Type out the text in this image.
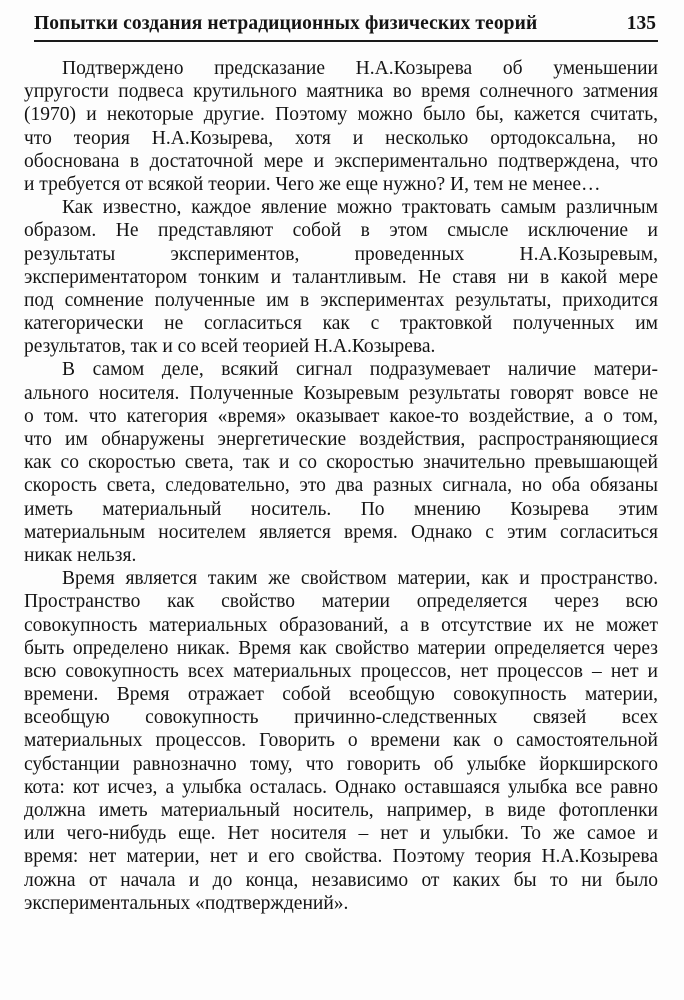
Попытки создания нетрадиционных физических теорий	135
Подтверждено предсказание Н.А.Козырева об уменьшении
упругости подвеса крутильного маятника во время солнечного затмения
(1970) и некоторые другие. Поэтому можно было бы, кажется считать,
что теория Н.А.Козырева, хотя и несколько ортодоксальна, но
обоснована в достаточной мере и экспериментально подтверждена, что
и требуется от всякой теории. Чего же еще нужно? И, тем не менее…
Как известно, каждое явление можно трактовать самым различным
образом. Не представляют собой в этом смысле исключение и
результаты экспериментов, проведенных Н.А.Козыревым,
экспериментатором тонким и талантливым. Не ставя ни в какой мере
под сомнение полученные им в экспериментах результаты, приходится
категорически не согласиться как с трактовкой полученных им
результатов, так и со всей теорией Н.А.Козырева.
В самом деле, всякий сигнал подразумевает наличие матери-
ального носителя. Полученные Козыревым результаты говорят вовсе не
о том. что категория «время» оказывает какое-то воздействие, а о том,
что им обнаружены энергетические воздействия, распространяющиеся
как со скоростью света, так и со скоростью значительно превышающей
скорость света, следовательно, это два разных сигнала, но оба обязаны
иметь материальный носитель. По мнению Козырева этим
материальным носителем является время. Однако с этим согласиться
никак нельзя.
Время является таким же свойством материи, как и пространство.
Пространство как свойство материи определяется через всю
совокупность материальных образований, а в отсутствие их не может
быть определено никак. Время как свойство материи определяется через
всю совокупность всех материальных процессов, нет процессов – нет и
времени. Время отражает собой всеобщую совокупность материи,
всеобщую совокупность причинно-следственных связей всех
материальных процессов. Говорить о времени как о самостоятельной
субстанции равнозначно тому, что говорить об улыбке йоркширского
кота: кот исчез, а улыбка осталась. Однако оставшаяся улыбка все равно
должна иметь материальный носитель, например, в виде фотопленки
или чего-нибудь еще. Нет носителя – нет и улыбки. То же самое и
время: нет материи, нет и его свойства. Поэтому теория Н.А.Козырева
ложна от начала и до конца, независимо от каких бы то ни было
экспериментальных «подтверждений».
